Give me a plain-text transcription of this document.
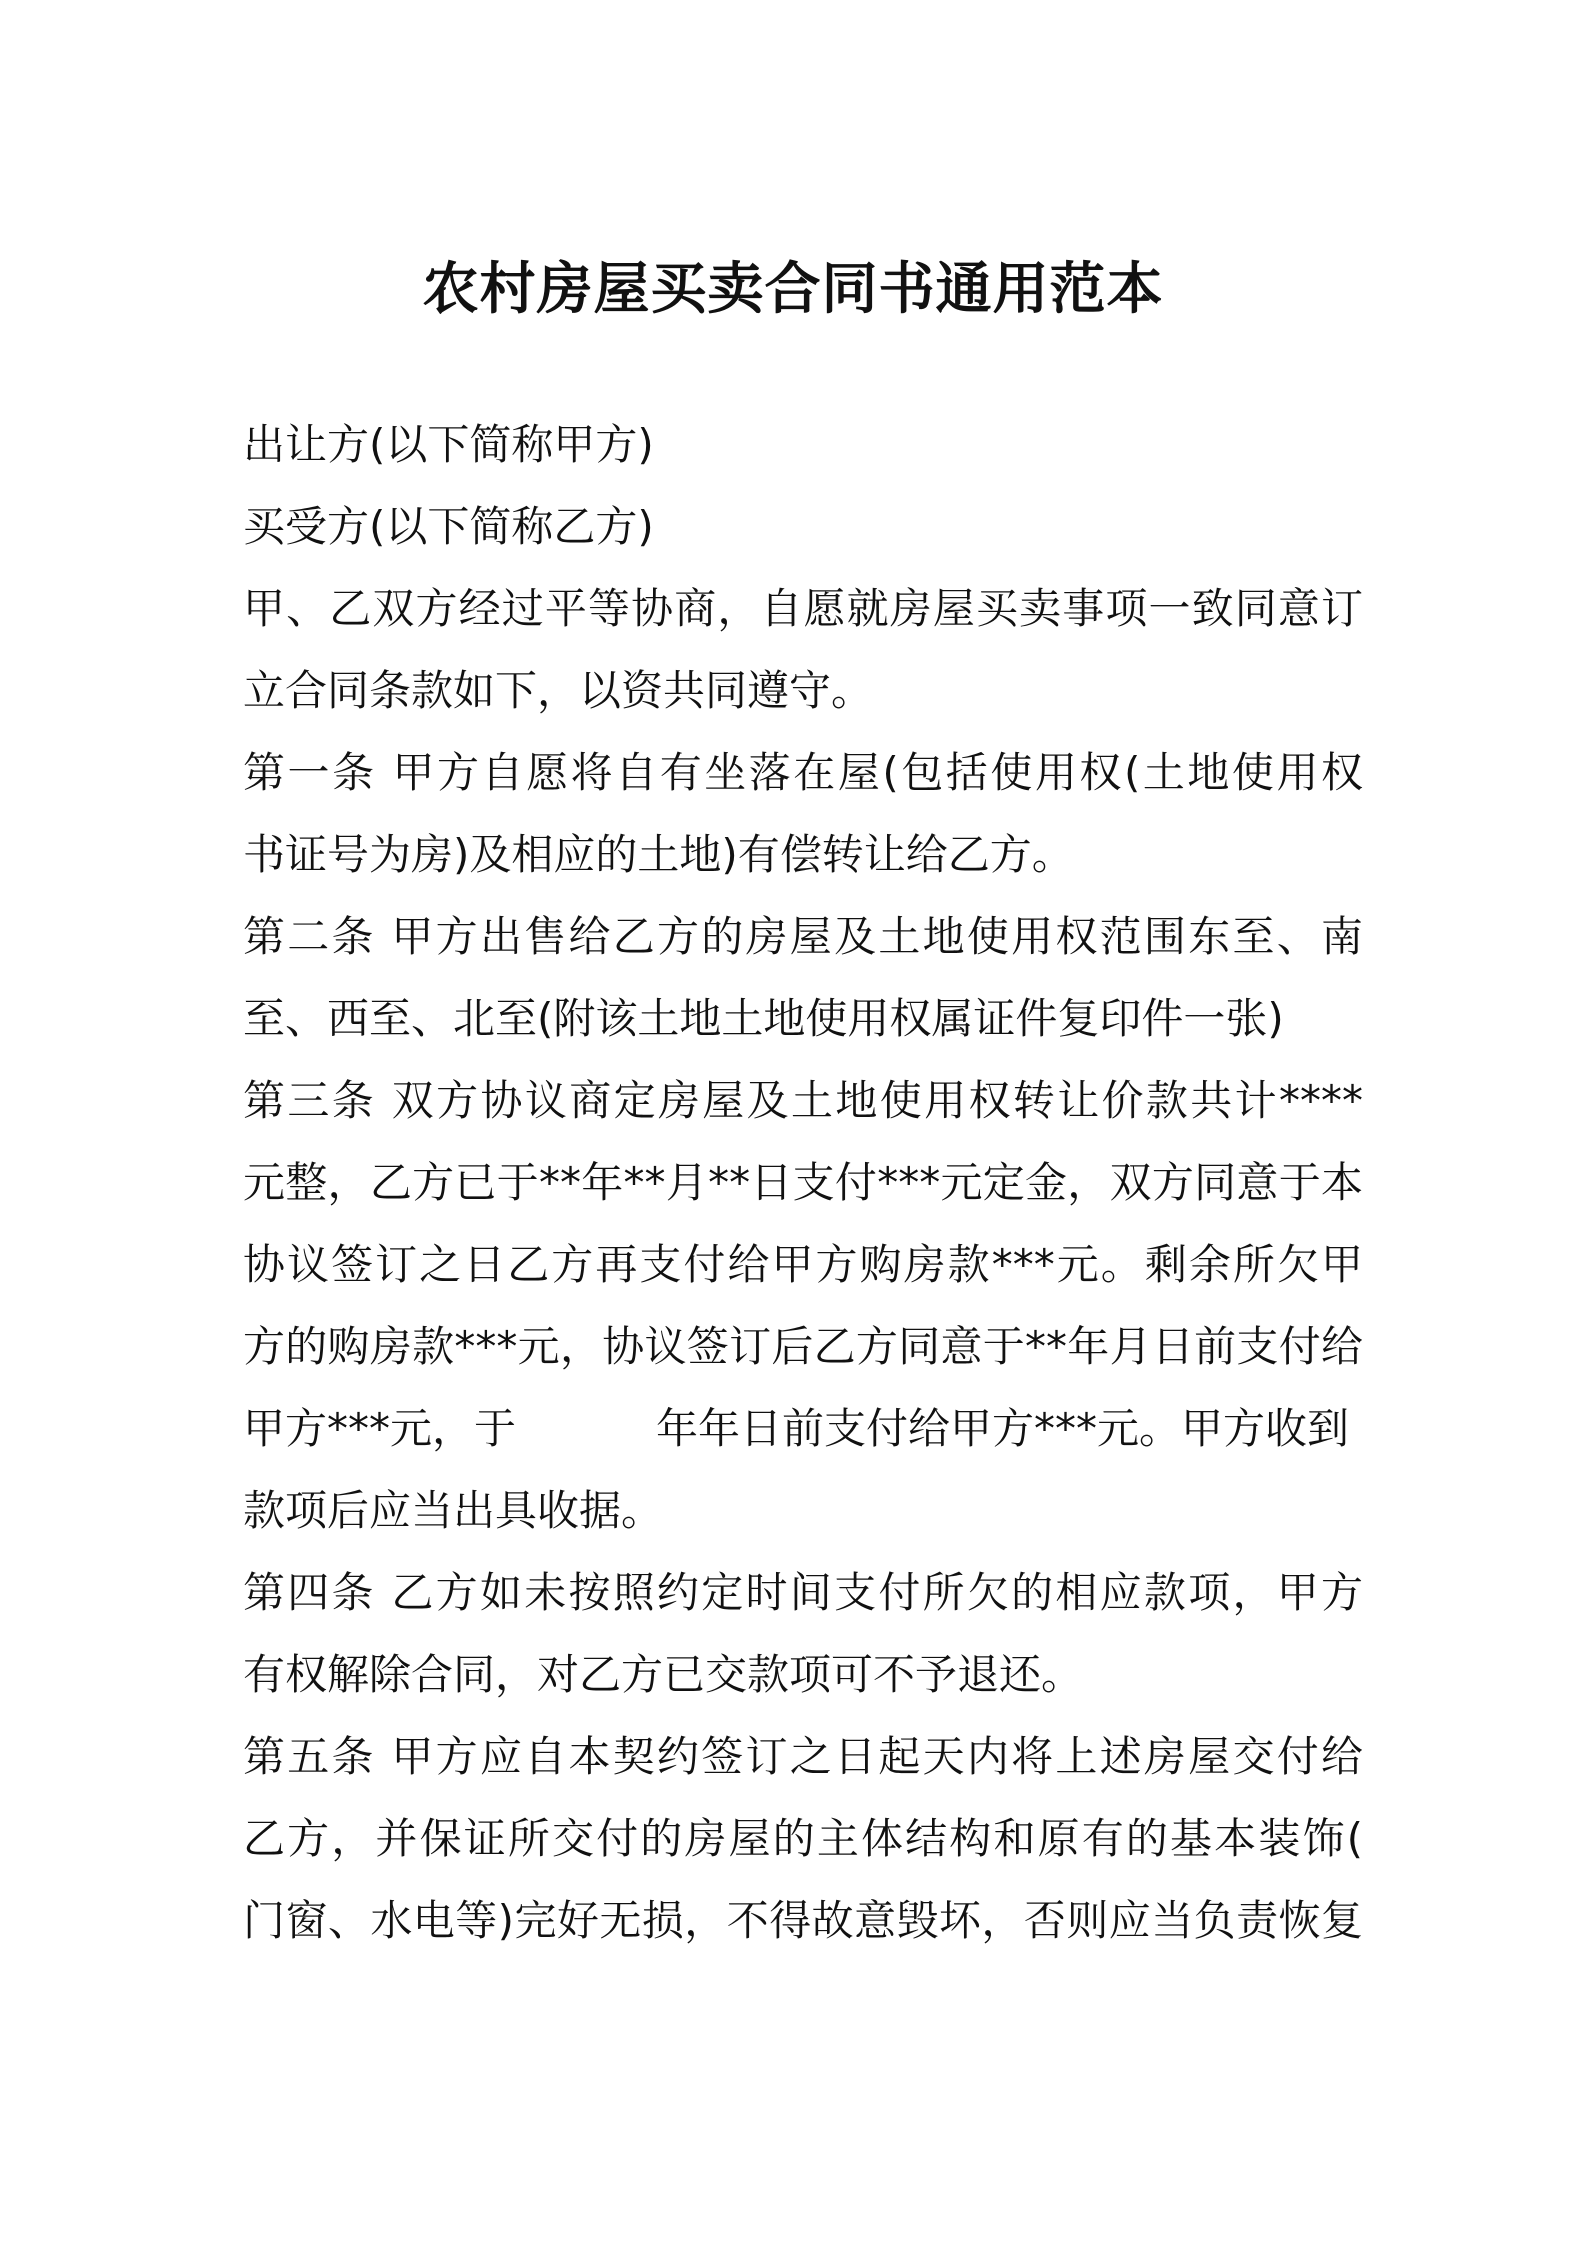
农村房屋买卖合同书通用范本
出让方(以下简称甲方)
买受方(以下简称乙方)
甲、乙双方经过平等协商，自愿就房屋买卖事项一致同意订
立合同条款如下，以资共同遵守。
第一条 甲方自愿将自有坐落在屋(包括使用权(土地使用权
书证号为房)及相应的土地)有偿转让给乙方。
第二条 甲方出售给乙方的房屋及土地使用权范围东至、南
至、西至、北至(附该土地土地使用权属证件复印件一张)
第三条 双方协议商定房屋及土地使用权转让价款共计****
元整，乙方已于**年**月**日支付***元定金，双方同意于本
协议签订之日乙方再支付给甲方购房款***元。剩余所欠甲
方的购房款***元，协议签订后乙方同意于**年月日前支付给
甲方***元，于	年年日前支付给甲方***元。甲方收到
款项后应当出具收据。
第四条 乙方如未按照约定时间支付所欠的相应款项，甲方
有权解除合同，对乙方已交款项可不予退还。
第五条 甲方应自本契约签订之日起天内将上述房屋交付给
乙方，并保证所交付的房屋的主体结构和原有的基本装饰(
门窗、水电等)完好无损，不得故意毁坏，否则应当负责恢复
